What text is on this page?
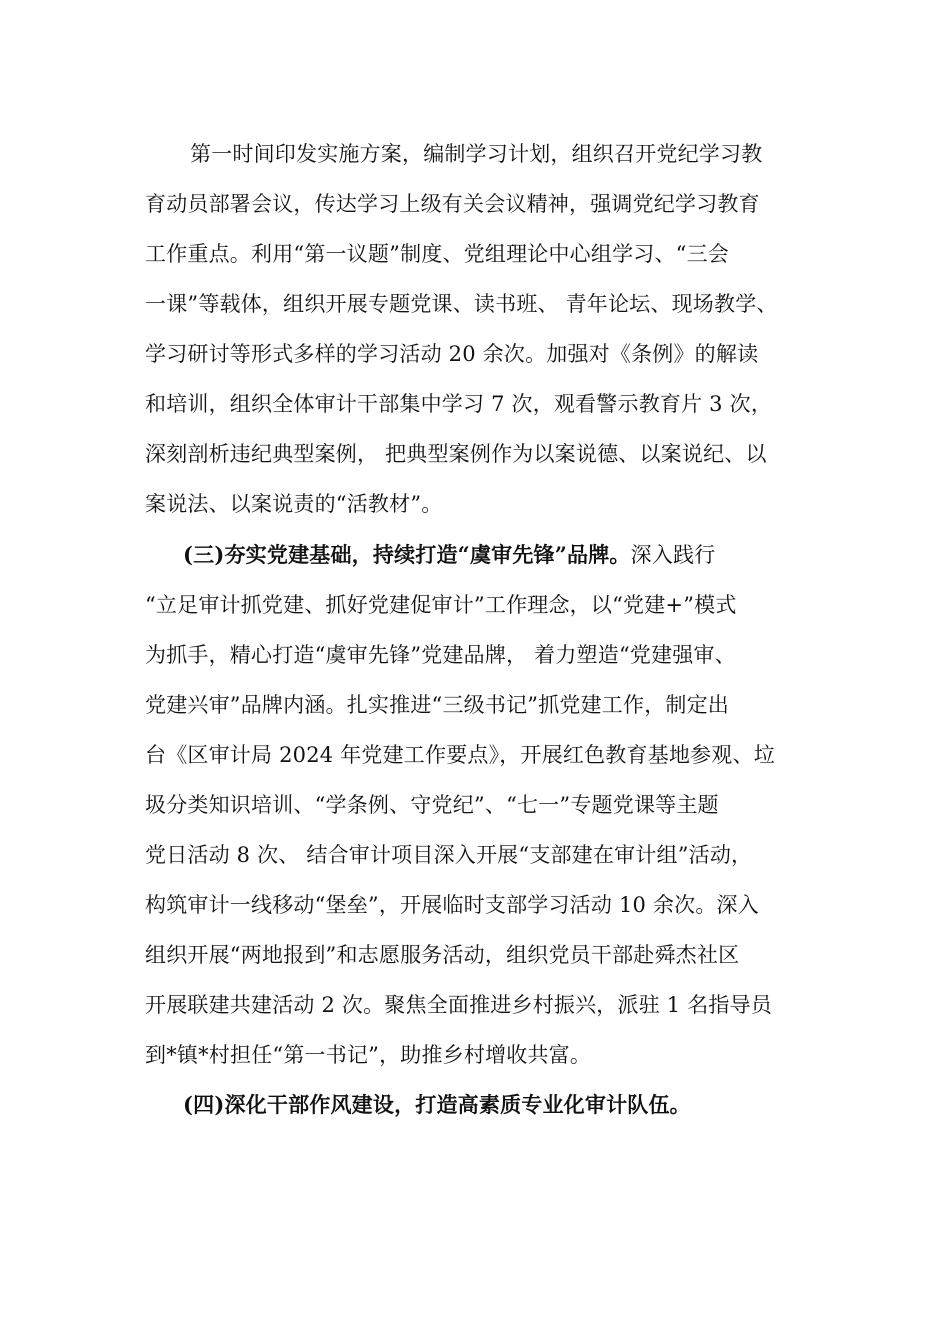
第一时间印发实施方案，编制学习计划，组织召开党纪学习教
育动员部署会议，传达学习上级有关会议精神，强调党纪学习教育
工作重点。利用“第一议题”制度、党组理论中心组学习、“三会
一课”等载体，组织开展专题党课、读书班、 青年论坛、现场教学、
学习研讨等形式多样的学习活动 20 余次。加强对《条例》的解读
和培训，组织全体审计干部集中学习 7 次，观看警示教育片 3 次，
深刻剖析违纪典型案例， 把典型案例作为以案说德、以案说纪、以
案说法、以案说责的“活教材”。
(三)夯实党建基础，持续打造“虞审先锋”品牌。深入践行
“立足审计抓党建、抓好党建促审计”工作理念，以“党建+”模式
为抓手，精心打造“虞审先锋”党建品牌， 着力塑造“党建强审、
党建兴审”品牌内涵。扎实推进“三级书记”抓党建工作，制定出
台《区审计局 2024 年党建工作要点》，开展红色教育基地参观、垃
圾分类知识培训、“学条例、守党纪”、“七一”专题党课等主题
党日活动 8 次、 结合审计项目深入开展“支部建在审计组”活动，
构筑审计一线移动“堡垒”，开展临时支部学习活动 10 余次。深入
组织开展“两地报到”和志愿服务活动，组织党员干部赴舜杰社区
开展联建共建活动 2 次。聚焦全面推进乡村振兴，派驻 1 名指导员
到*镇*村担任“第一书记”，助推乡村增收共富。
(四)深化干部作风建设，打造高素质专业化审计队伍。
